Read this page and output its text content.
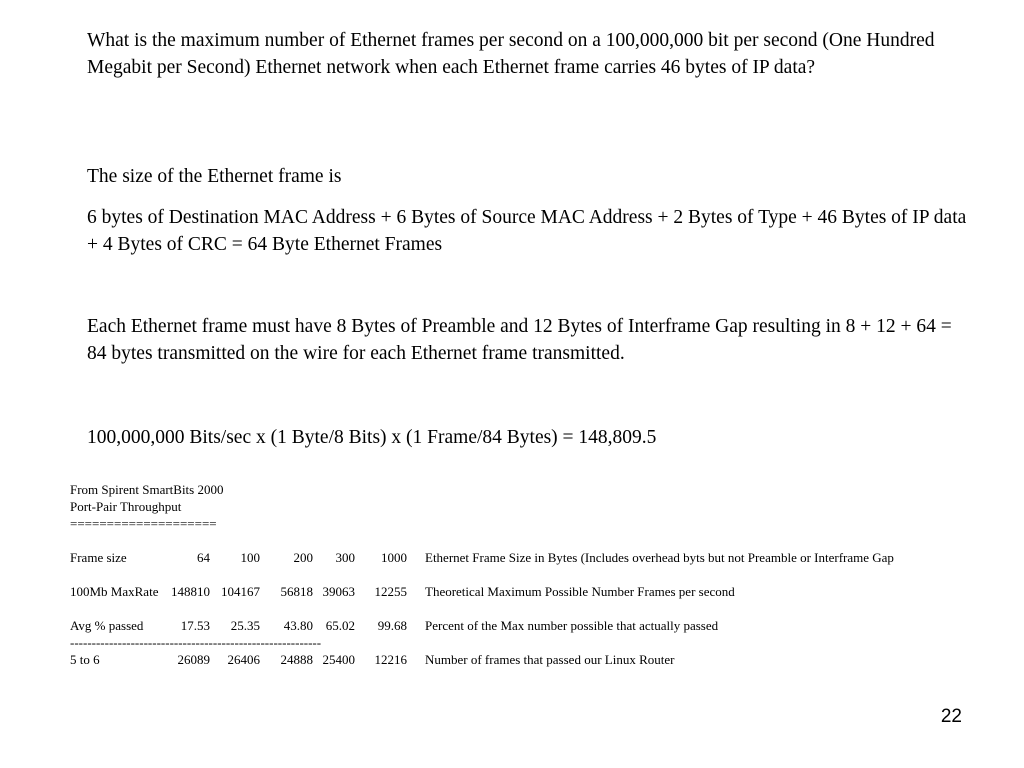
What is the maximum number of Ethernet frames per second on a 100,000,000 bit per second (One Hundred Megabit per Second) Ethernet network when each Ethernet frame carries 46 bytes of IP data?

The size of the Ethernet frame is

6 bytes of Destination MAC Address + 6 Bytes of Source MAC Address + 2 Bytes of Type + 46 Bytes of IP data + 4 Bytes of CRC = 64 Byte Ethernet Frames

Each Ethernet frame must have 8 Bytes of Preamble and 12 Bytes of Interframe Gap resulting in 8 + 12 + 64 = 84 bytes transmitted on the wire for each Ethernet frame transmitted.

100,000,000 Bits/sec x (1 Byte/8 Bits) x (1 Frame/84 Bytes) = 148,809.5

From Spirent SmartBits 2000
Port-Pair Throughput
====================
Frame size	64	100	200	300	1000 Ethernet Frame Size in Bytes (Includes overhead byts but not Preamble or Interframe Gap
100Mb MaxRate 148810 104167	56818 39063	12255 Theoretical Maximum Possible Number Frames per second
Avg % passed	17.53	25.35	43.80 65.02	99.68 Percent of the Max number possible that actually passed
----------------------------------------------------------
5 to 6	26089	26406	24888 25400	12216 Number of frames that passed our Linux Router
22
